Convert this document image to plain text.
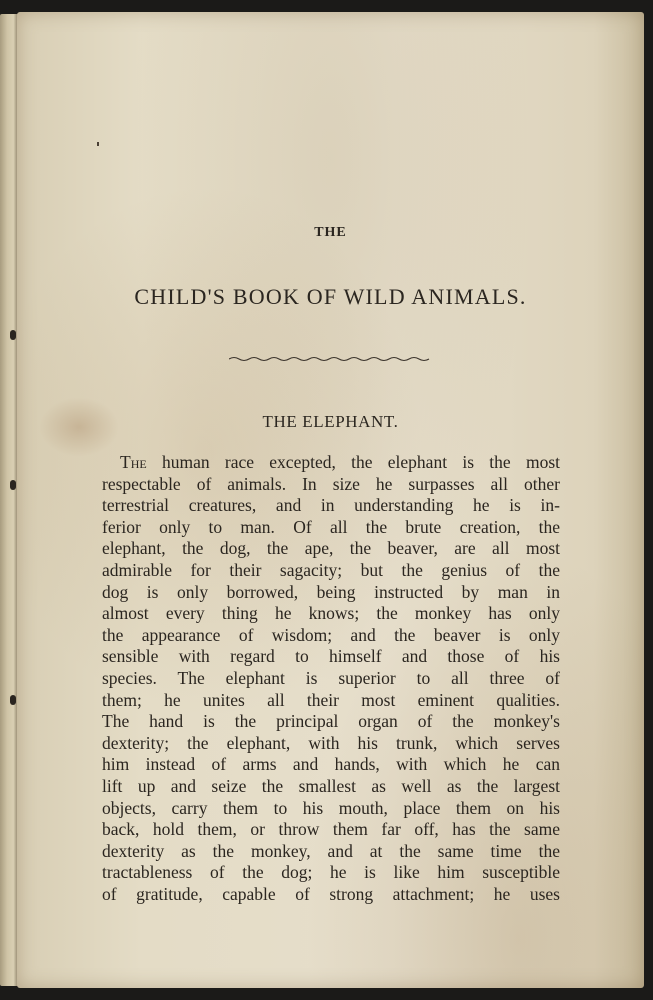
THE
CHILD'S BOOK OF WILD ANIMALS.
THE ELEPHANT.
The human race excepted, the elephant is the most
respectable of animals. In size he surpasses all other
terrestrial creatures, and in understanding he is in-
ferior only to man. Of all the brute creation, the
elephant, the dog, the ape, the beaver, are all most
admirable for their sagacity; but the genius of the
dog is only borrowed, being instructed by man in
almost every thing he knows; the monkey has only
the appearance of wisdom; and the beaver is only
sensible with regard to himself and those of his
species. The elephant is superior to all three of
them; he unites all their most eminent qualities.
The hand is the principal organ of the monkey's
dexterity; the elephant, with his trunk, which serves
him instead of arms and hands, with which he can
lift up and seize the smallest as well as the largest
objects, carry them to his mouth, place them on his
back, hold them, or throw them far off, has the same
dexterity as the monkey, and at the same time the
tractableness of the dog; he is like him susceptible
of gratitude, capable of strong attachment; he uses
